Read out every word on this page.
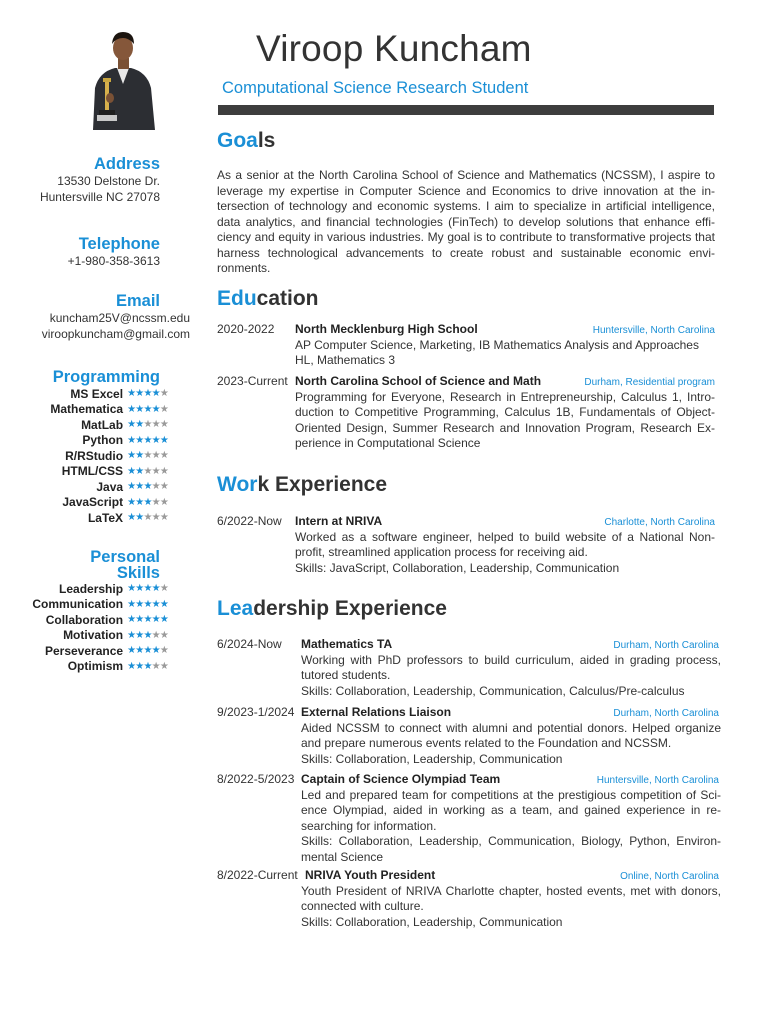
Address
13530 Delstone Dr.
Huntersville NC 27078
Telephone
+1-980-358-3613
Email
kuncham25V@ncssm.edu
viroopkuncham@gmail.com
Programming
MS Excel ★ ★ ★ ★ ★
Mathematica ★ ★ ★ ★ ★
MatLab ★ ★ ★ ★ ★
Python ★ ★ ★ ★ ★
R/RStudio ★ ★ ★ ★ ★
HTML/CSS ★ ★ ★ ★ ★
Java ★ ★ ★ ★ ★
JavaScript ★ ★ ★ ★ ★
LaTeX ★ ★ ★ ★ ★
Personal
Skills
Leadership ★ ★ ★ ★ ★
Communication ★ ★ ★ ★ ★
Collaboration ★ ★ ★ ★ ★
Motivation ★ ★ ★ ★ ★
Perseverance ★ ★ ★ ★ ★
Optimism ★ ★ ★ ★ ★
Viroop Kuncham
Computational Science Research Student
Goals
As a senior at the North Carolina School of Science and Mathematics (NCSSM), I aspire to leverage my expertise in Computer Science and Economics to drive innovation at the in-tersection of technology and economic systems. I aim to specialize in artificial intelligence, data analytics, and financial technologies (FinTech) to develop solutions that enhance effi-ciency and equity in various industries. My goal is to contribute to transformative projects that harness technological advancements to create robust and sustainable economic envi-ronments.
Education
2020-2022 North Mecklenburg High School	Huntersville, North Carolina
AP Computer Science, Marketing, IB Mathematics Analysis and Approaches HL, Mathematics 3
2023-Current North Carolina School of Science and Math	Durham, Residential program
Programming for Everyone, Research in Entrepreneurship, Calculus 1, Intro-duction to Competitive Programming, Calculus 1B, Fundamentals of Object-Oriented Design, Summer Research and Innovation Program, Research Ex-perience in Computational Science
Work Experience
6/2022-Now Intern at NRIVA	Charlotte, North Carolina
Worked as a software engineer, helped to build website of a National Non-profit, streamlined application process for receiving aid.
Skills: JavaScript, Collaboration, Leadership, Communication
Leadership Experience
6/2024-Now Mathematics TA	Durham, North Carolina
Working with PhD professors to build curriculum, aided in grading process, tutored students.
Skills: Collaboration, Leadership, Communication, Calculus/Pre-calculus
9/2023-1/2024 External Relations Liaison	Durham, North Carolina
Aided NCSSM to connect with alumni and potential donors. Helped organize and prepare numerous events related to the Foundation and NCSSM.
Skills: Collaboration, Leadership, Communication
8/2022-5/2023 Captain of Science Olympiad Team	Huntersville, North Carolina
Led and prepared team for competitions at the prestigious competition of Sci-ence Olympiad, aided in working as a team, and gained experience in re-searching for information.
Skills: Collaboration, Leadership, Communication, Biology, Python, Environ-mental Science
8/2022-Current NRIVA Youth President	Online, North Carolina
Youth President of NRIVA Charlotte chapter, hosted events, met with donors, connected with culture.
Skills: Collaboration, Leadership, Communication
